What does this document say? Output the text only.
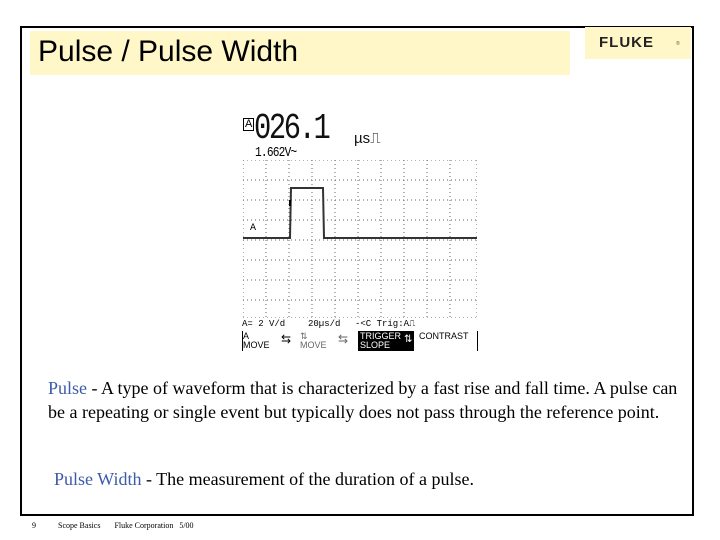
Pulse / Pulse Width	FLUKE	®
A 026.1 µs⎍
1.662V~
A
A= 2 V/d	20µs/d -<C Trig:A⎍
A
MOVE ⇆ ⇅
MOVE ⇆ TRIGGER
SLOPE	⇅ CONTRAST
Pulse - A type of waveform that is characterized by a fast rise and fall time. A pulse can be a repeating or single event but typically does not pass through the reference point.
Pulse Width - The measurement of the duration of a pulse.
9	Scope Basics Fluke Corporation 5/00
